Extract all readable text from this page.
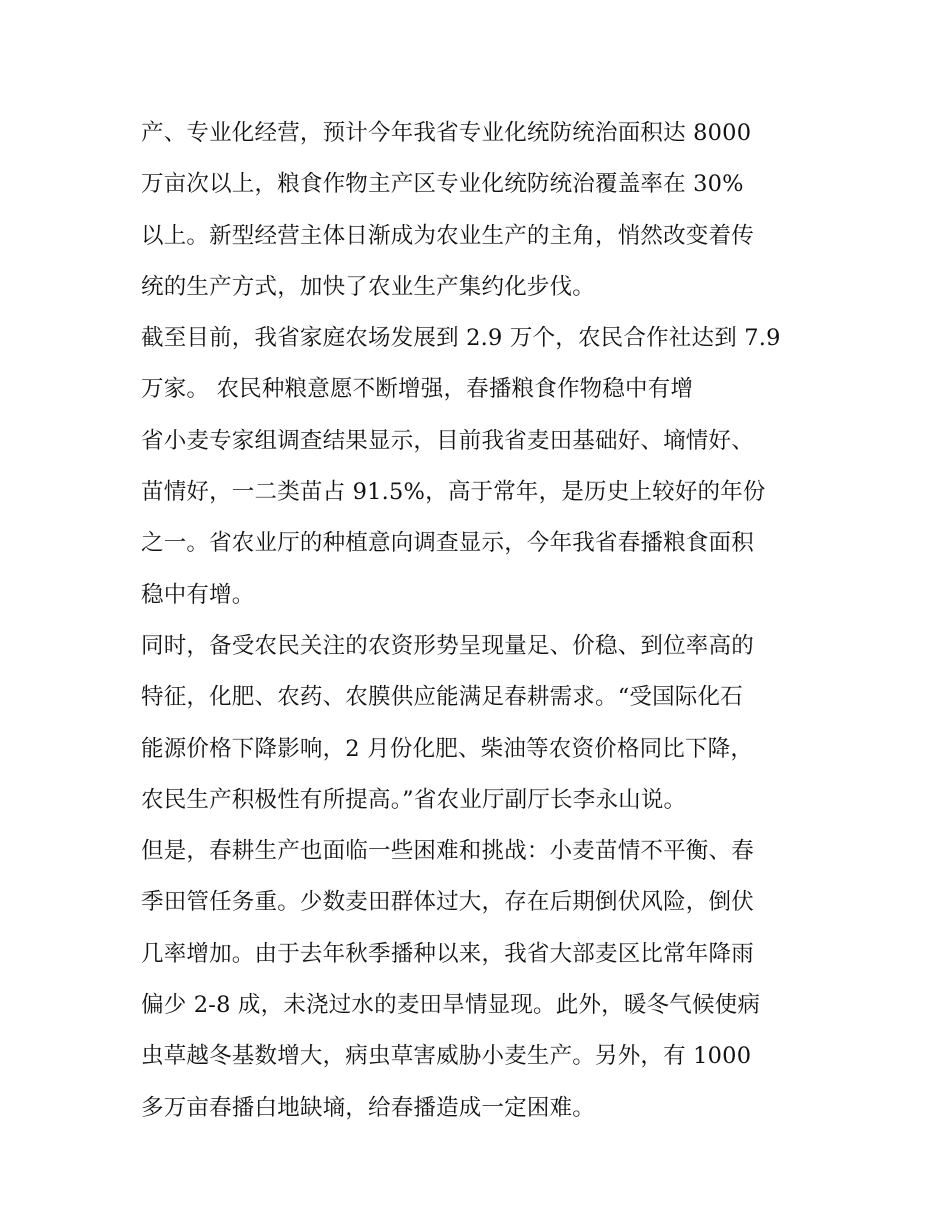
产、专业化经营，预计今年我省专业化统防统治面积达 8000
万亩次以上，粮食作物主产区专业化统防统治覆盖率在 30%
以上。新型经营主体日渐成为农业生产的主角，悄然改变着传
统的生产方式，加快了农业生产集约化步伐。
截至目前，我省家庭农场发展到 2.9 万个，农民合作社达到 7.9
万家。 农民种粮意愿不断增强，春播粮食作物稳中有增
省小麦专家组调查结果显示，目前我省麦田基础好、墒情好、
苗情好，一二类苗占 91.5%，高于常年，是历史上较好的年份
之一。省农业厅的种植意向调查显示，今年我省春播粮食面积
稳中有增。
同时，备受农民关注的农资形势呈现量足、价稳、到位率高的
特征，化肥、农药、农膜供应能满足春耕需求。“受国际化石
能源价格下降影响，2 月份化肥、柴油等农资价格同比下降，
农民生产积极性有所提高。”省农业厅副厅长李永山说。
但是，春耕生产也面临一些困难和挑战：小麦苗情不平衡、春
季田管任务重。少数麦田群体过大，存在后期倒伏风险，倒伏
几率增加。由于去年秋季播种以来，我省大部麦区比常年降雨
偏少 2-8 成，未浇过水的麦田旱情显现。此外，暖冬气候使病
虫草越冬基数增大，病虫草害威胁小麦生产。另外，有 1000
多万亩春播白地缺墒，给春播造成一定困难。
